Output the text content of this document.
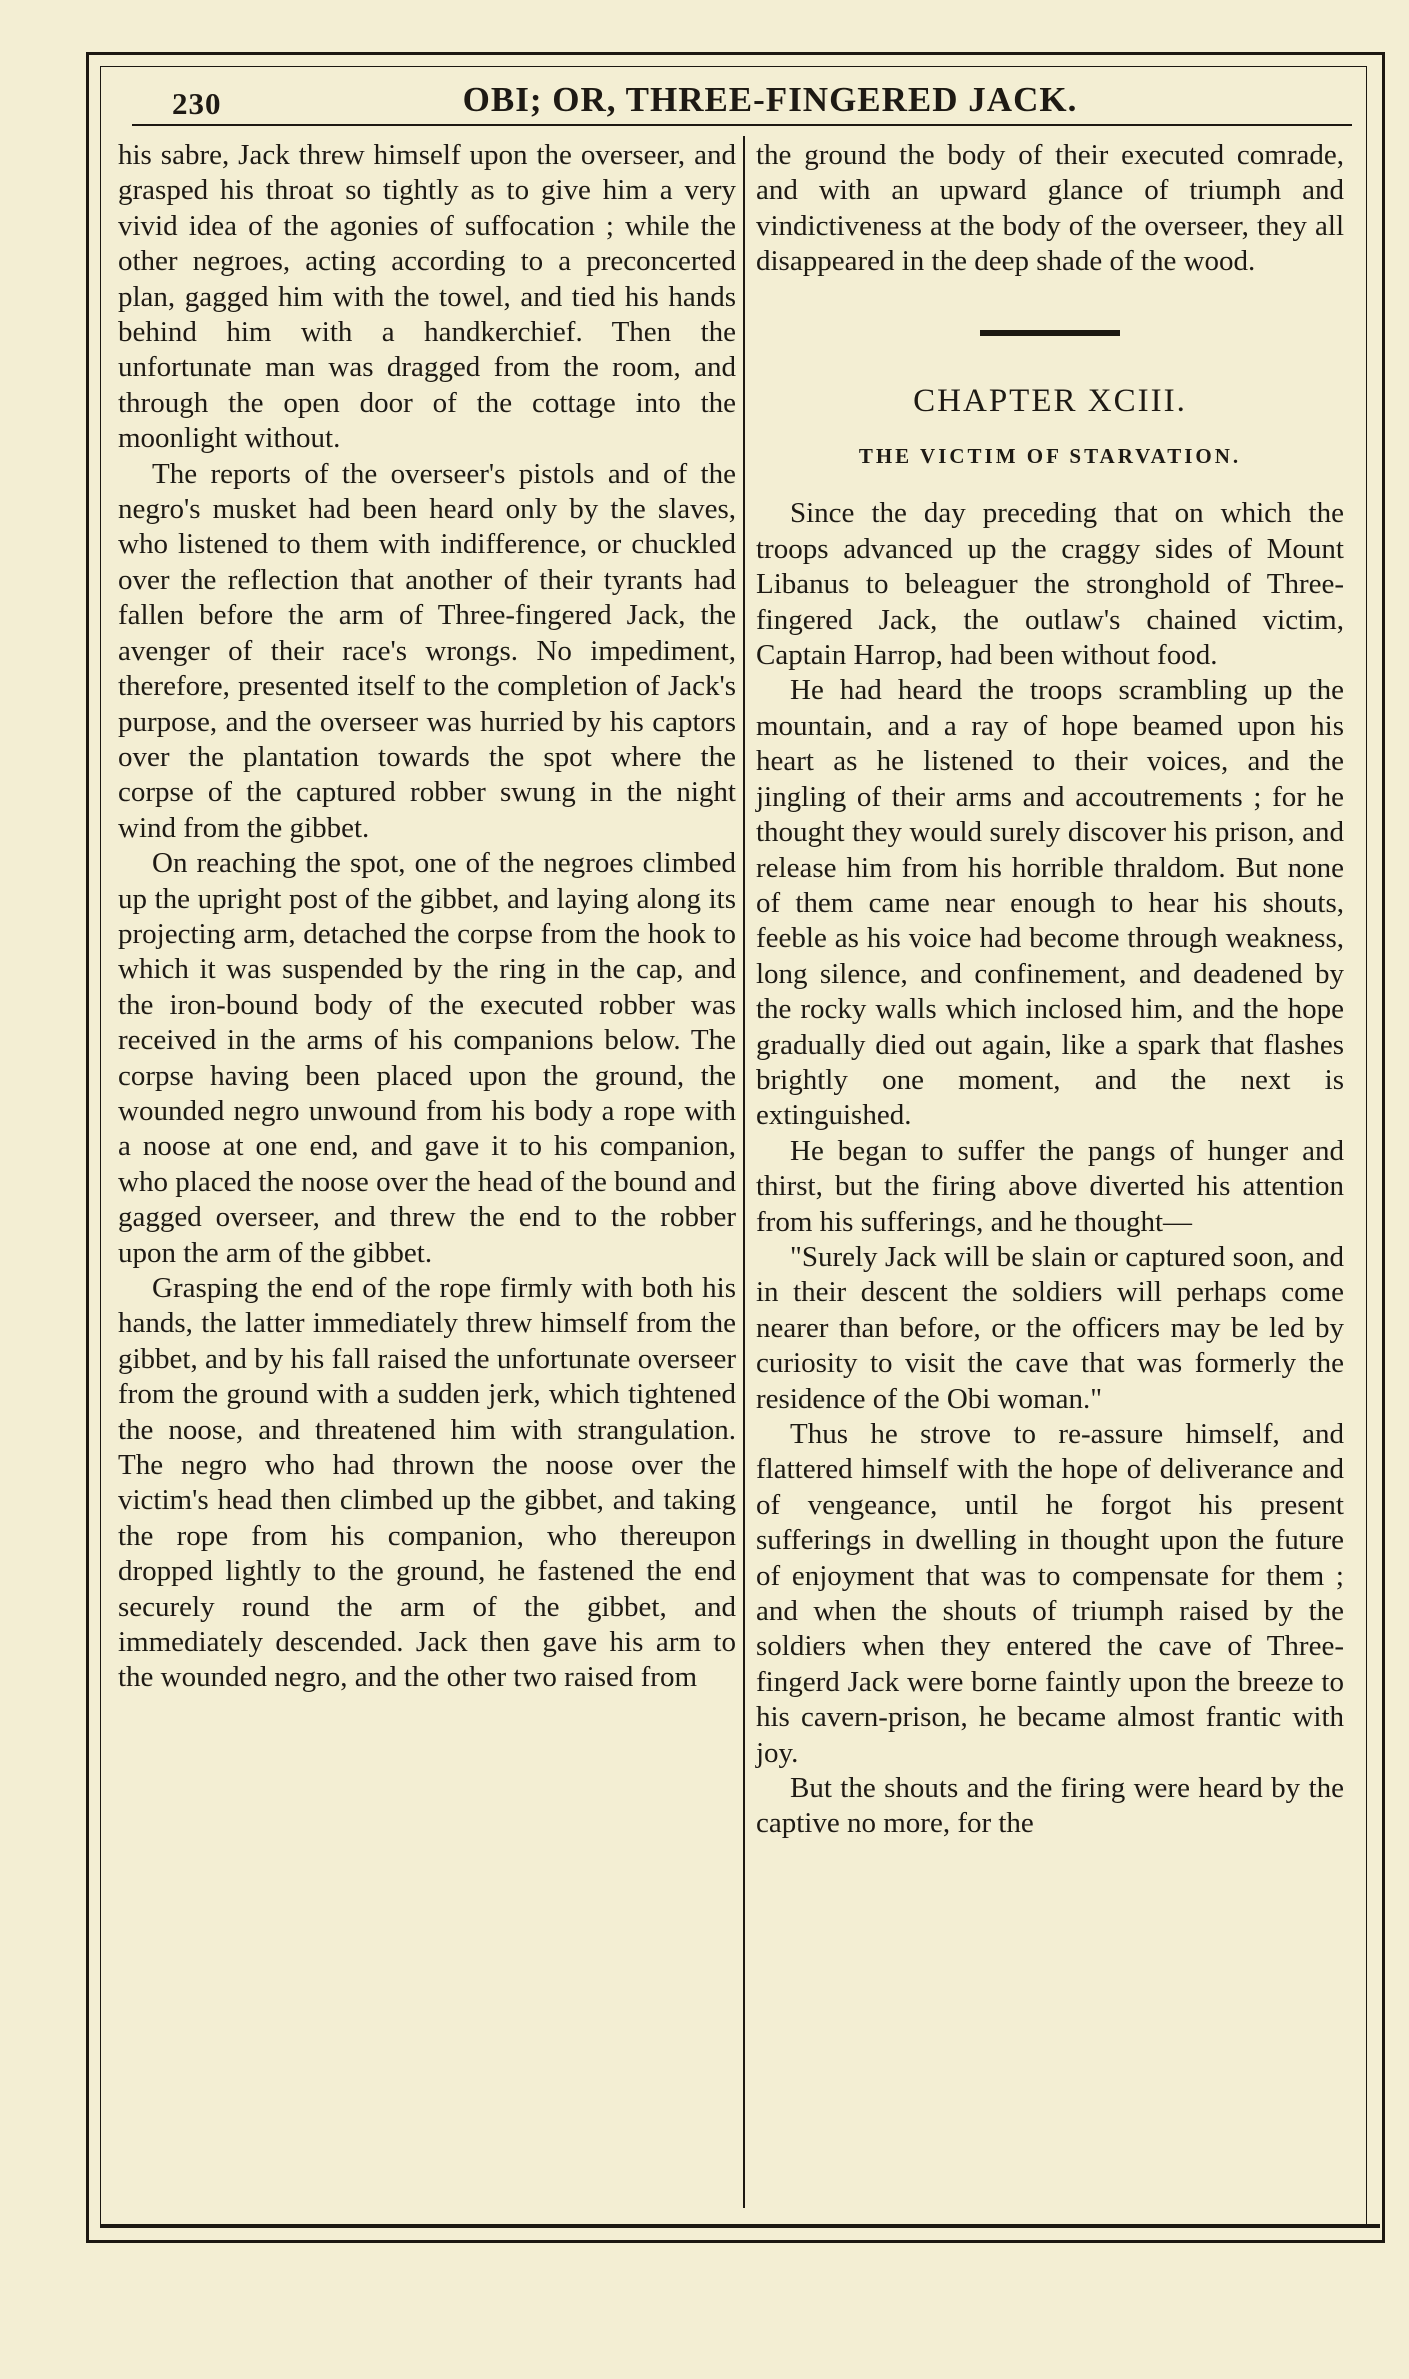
230	OBI; OR, THREE-FINGERED JACK.

his sabre, Jack threw himself upon the overseer, and grasped his throat so tightly as to give him a very vivid idea of the agonies of suffocation ; while the other negroes, acting according to a preconcerted plan, gagged him with the towel, and tied his hands behind him with a handkerchief. Then the unfortunate man was dragged from the room, and through the open door of the cottage into the moonlight without.

The reports of the overseer's pistols and of the negro's musket had been heard only by the slaves, who listened to them with indifference, or chuckled over the reflection that another of their tyrants had fallen before the arm of Three-fingered Jack, the avenger of their race's wrongs. No impediment, therefore, presented itself to the completion of Jack's purpose, and the overseer was hurried by his captors over the plantation towards the spot where the corpse of the captured robber swung in the night wind from the gibbet.

On reaching the spot, one of the negroes climbed up the upright post of the gibbet, and laying along its projecting arm, detached the corpse from the hook to which it was suspended by the ring in the cap, and the iron-bound body of the executed robber was received in the arms of his companions below. The corpse having been placed upon the ground, the wounded negro unwound from his body a rope with a noose at one end, and gave it to his companion, who placed the noose over the head of the bound and gagged overseer, and threw the end to the robber upon the arm of the gibbet.

Grasping the end of the rope firmly with both his hands, the latter immediately threw himself from the gibbet, and by his fall raised the unfortunate overseer from the ground with a sudden jerk, which tightened the noose, and threatened him with strangulation. The negro who had thrown the noose over the victim's head then climbed up the gibbet, and taking the rope from his companion, who thereupon dropped lightly to the ground, he fastened the end securely round the arm of the gibbet, and immediately descended. Jack then gave his arm to the wounded negro, and the other two raised from

the ground the body of their executed comrade, and with an upward glance of triumph and vindictiveness at the body of the overseer, they all disappeared in the deep shade of the wood.

CHAPTER XCIII.
THE VICTIM OF STARVATION.

Since the day preceding that on which the troops advanced up the craggy sides of Mount Libanus to beleaguer the stronghold of Three-fingered Jack, the outlaw's chained victim, Captain Harrop, had been without food.

He had heard the troops scrambling up the mountain, and a ray of hope beamed upon his heart as he listened to their voices, and the jingling of their arms and accoutrements ; for he thought they would surely discover his prison, and release him from his horrible thraldom. But none of them came near enough to hear his shouts, feeble as his voice had become through weakness, long silence, and confinement, and deadened by the rocky walls which inclosed him, and the hope gradually died out again, like a spark that flashes brightly one moment, and the next is extinguished.

He began to suffer the pangs of hunger and thirst, but the firing above diverted his attention from his sufferings, and he thought—

"Surely Jack will be slain or captured soon, and in their descent the soldiers will perhaps come nearer than before, or the officers may be led by curiosity to visit the cave that was formerly the residence of the Obi woman."

Thus he strove to re-assure himself, and flattered himself with the hope of deliverance and of vengeance, until he forgot his present sufferings in dwelling in thought upon the future of enjoyment that was to compensate for them ; and when the shouts of triumph raised by the soldiers when they entered the cave of Three-fingerd Jack were borne faintly upon the breeze to his cavern-prison, he became almost frantic with joy.

But the shouts and the firing were heard by the captive no more, for the
